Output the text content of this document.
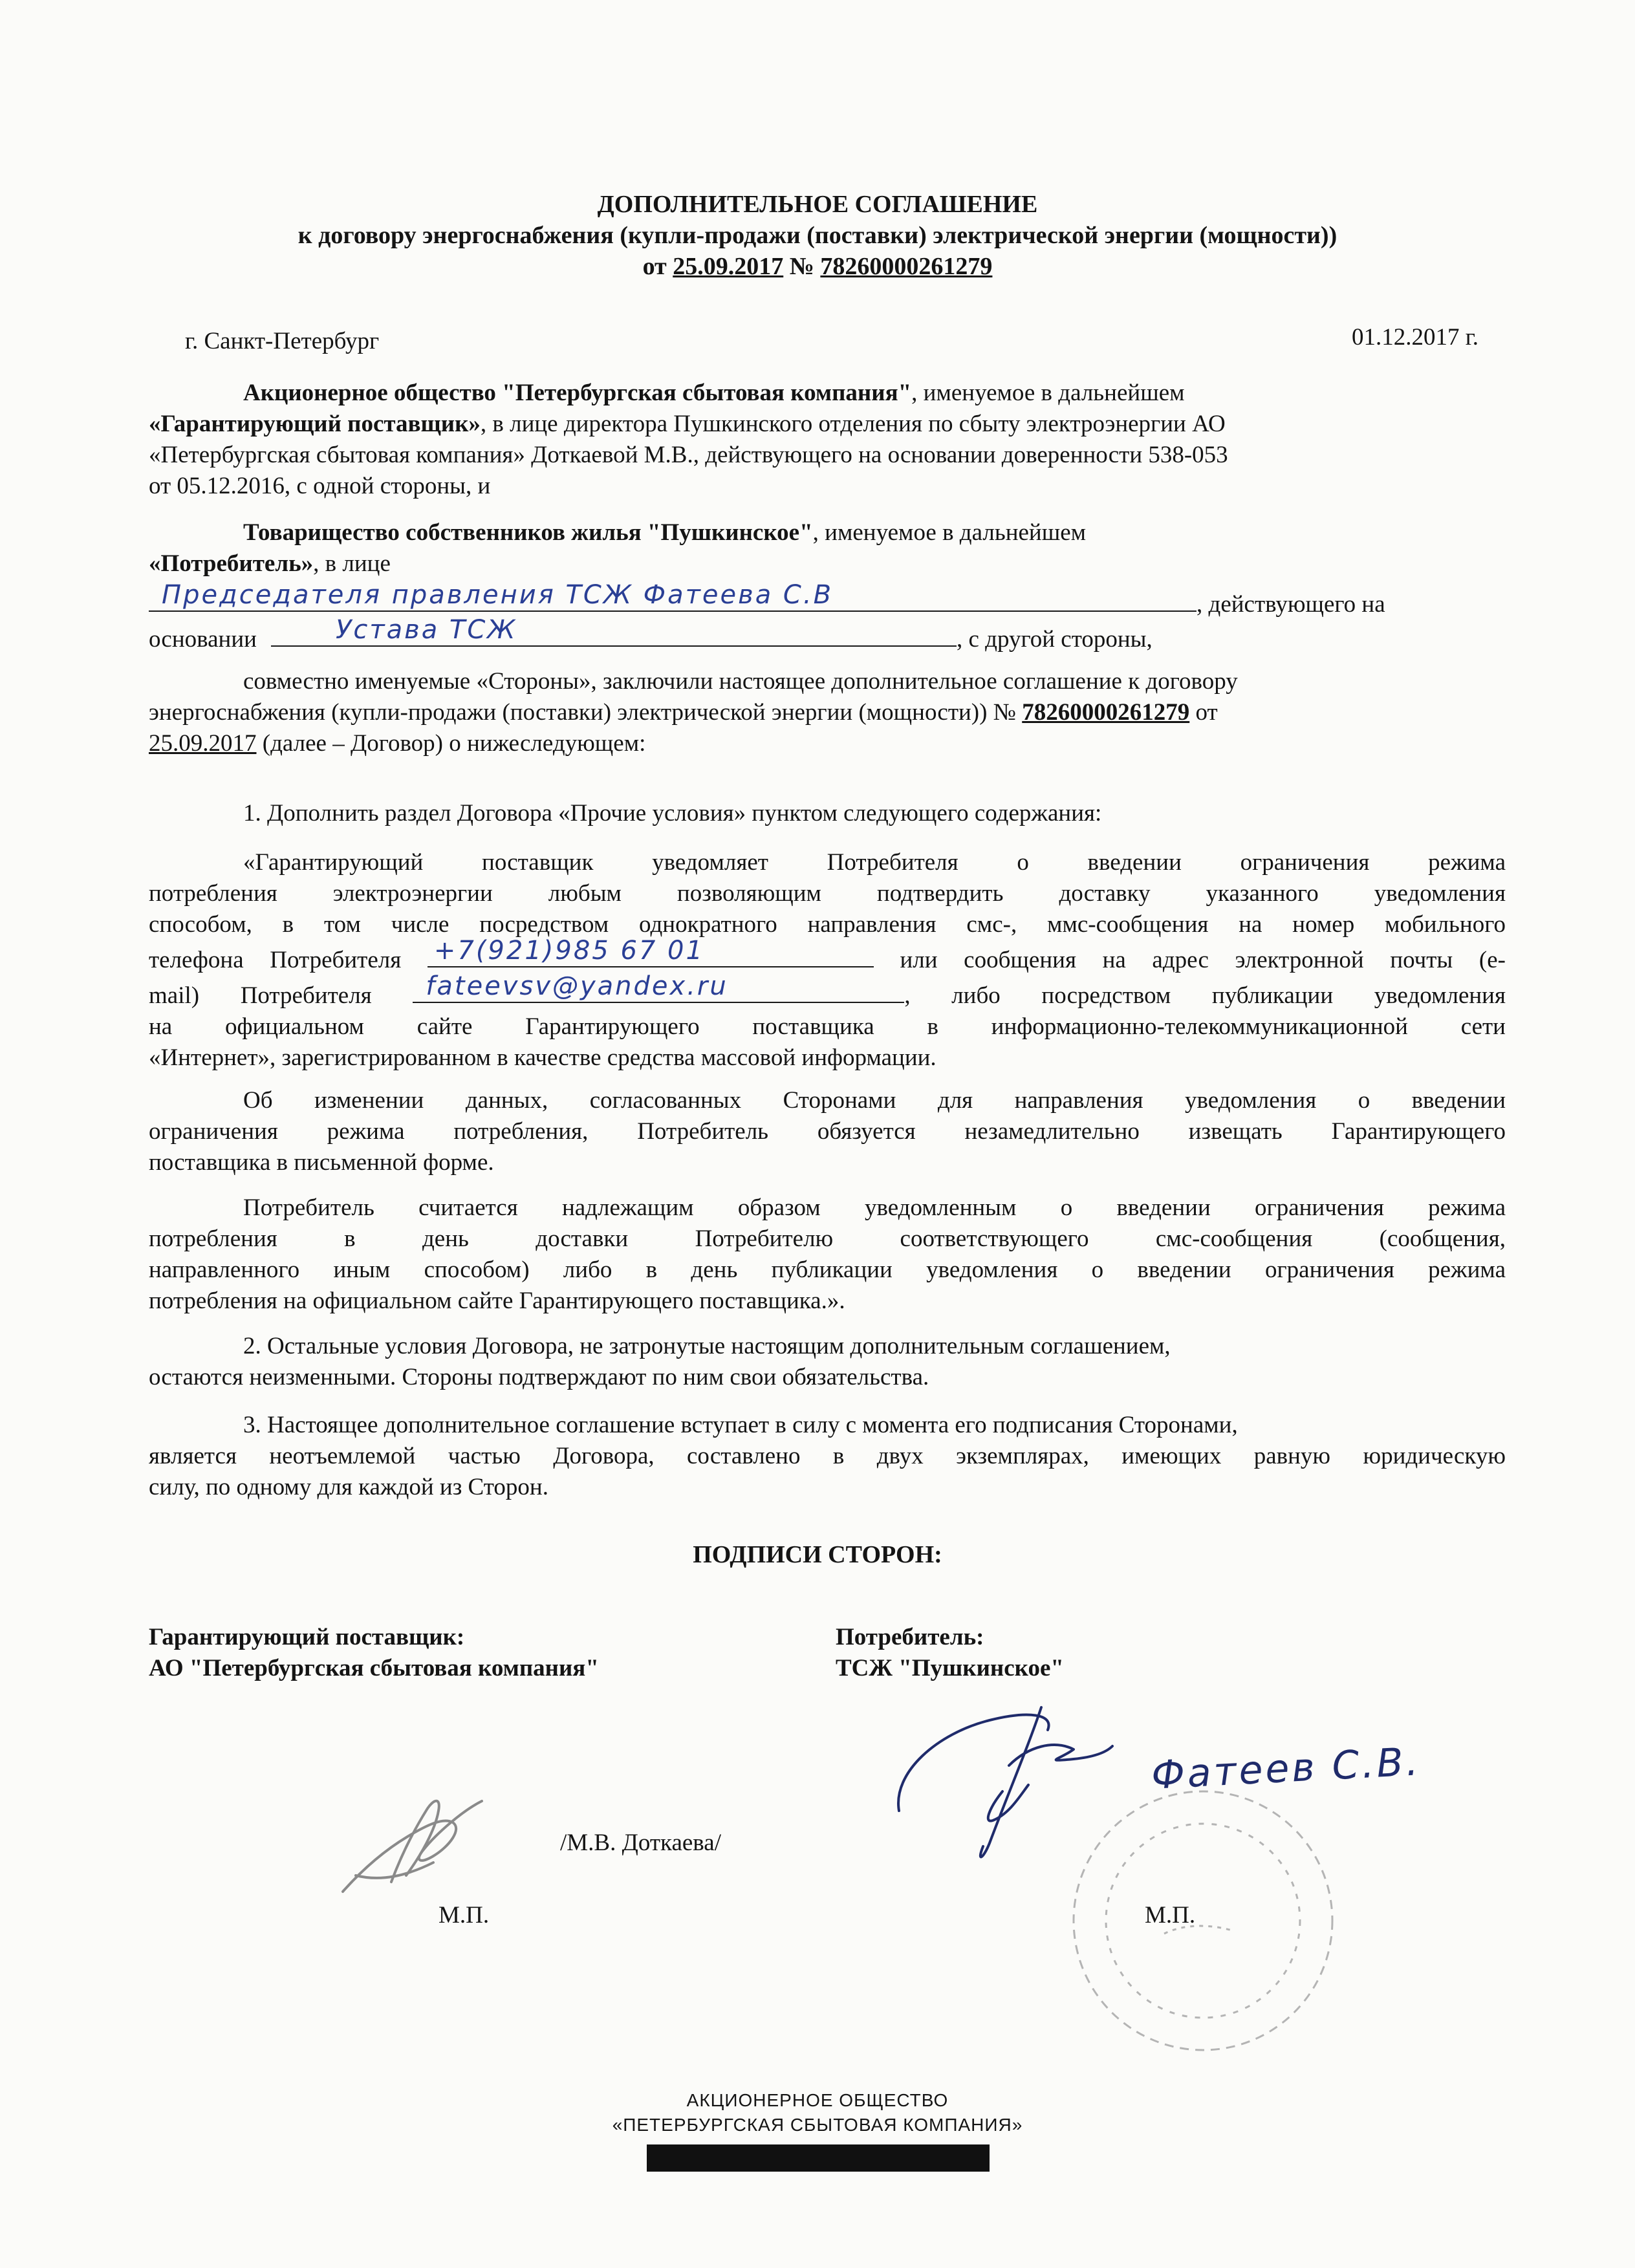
ДОПОЛНИТЕЛЬНОЕ СОГЛАШЕНИЕ
к договору энергоснабжения (купли-продажи (поставки) электрической энергии (мощности))
от 25.09.2017 № 78260000261279
г. Санкт-Петербург	01.12.2017 г.
Акционерное общество "Петербургская сбытовая компания", именуемое в дальнейшем
«Гарантирующий поставщик», в лице директора Пушкинского отделения по сбыту электроэнергии АО
«Петербургская сбытовая компания» Доткаевой М.В., действующего на основании доверенности 538-053
от 05.12.2016, с одной стороны, и
Товарищество собственников жилья "Пушкинское", именуемое в дальнейшем
«Потребитель», в лице
Председателя правления ТСЖ Фатеева С.В	, действующего на
основании	Устава ТСЖ	, с другой стороны,
совместно именуемые «Стороны», заключили настоящее дополнительное соглашение к договору
энергоснабжения (купли-продажи (поставки) электрической энергии (мощности)) № 78260000261279 от
25.09.2017 (далее – Договор) о нижеследующем:
1. Дополнить раздел Договора «Прочие условия» пунктом следующего содержания:
«Гарантирующий поставщик уведомляет Потребителя о введении ограничения режима
потребления электроэнергии любым позволяющим подтвердить доставку указанного уведомления
способом, в том числе посредством однократного направления смс-, ммс-сообщения на номер мобильного
телефона Потребителя +7(921)985 67 01	или сообщения на адрес электронной почты (e-
mail) Потребителя fateevsv@yandex.ru	, либо посредством публикации уведомления
на официальном сайте Гарантирующего поставщика в информационно-телекоммуникационной сети
«Интернет», зарегистрированном в качестве средства массовой информации.
Об изменении данных, согласованных Сторонами для направления уведомления о введении
ограничения режима потребления, Потребитель обязуется незамедлительно извещать Гарантирующего
поставщика в письменной форме.
Потребитель считается надлежащим образом уведомленным о введении ограничения режима
потребления в день доставки Потребителю соответствующего смс-сообщения (сообщения,
направленного иным способом) либо в день публикации уведомления о введении ограничения режима
потребления на официальном сайте Гарантирующего поставщика.».
2. Остальные условия Договора, не затронутые настоящим дополнительным соглашением,
остаются неизменными. Стороны подтверждают по ним свои обязательства.
3. Настоящее дополнительное соглашение вступает в силу с момента его подписания Сторонами,
является неотъемлемой частью Договора, составлено в двух экземплярах, имеющих равную юридическую
силу, по одному для каждой из Сторон.
ПОДПИСИ СТОРОН:
Гарантирующий поставщик:
АО "Петербургская сбытовая компания"
Потребитель:
ТСЖ "Пушкинское"
/М.В. Доткаева/
М.П.
Фатеев С.В.
М.П.
АКЦИОНЕРНОЕ ОБЩЕСТВО
«ПЕТЕРБУРГСКАЯ СБЫТОВАЯ КОМПАНИЯ»
